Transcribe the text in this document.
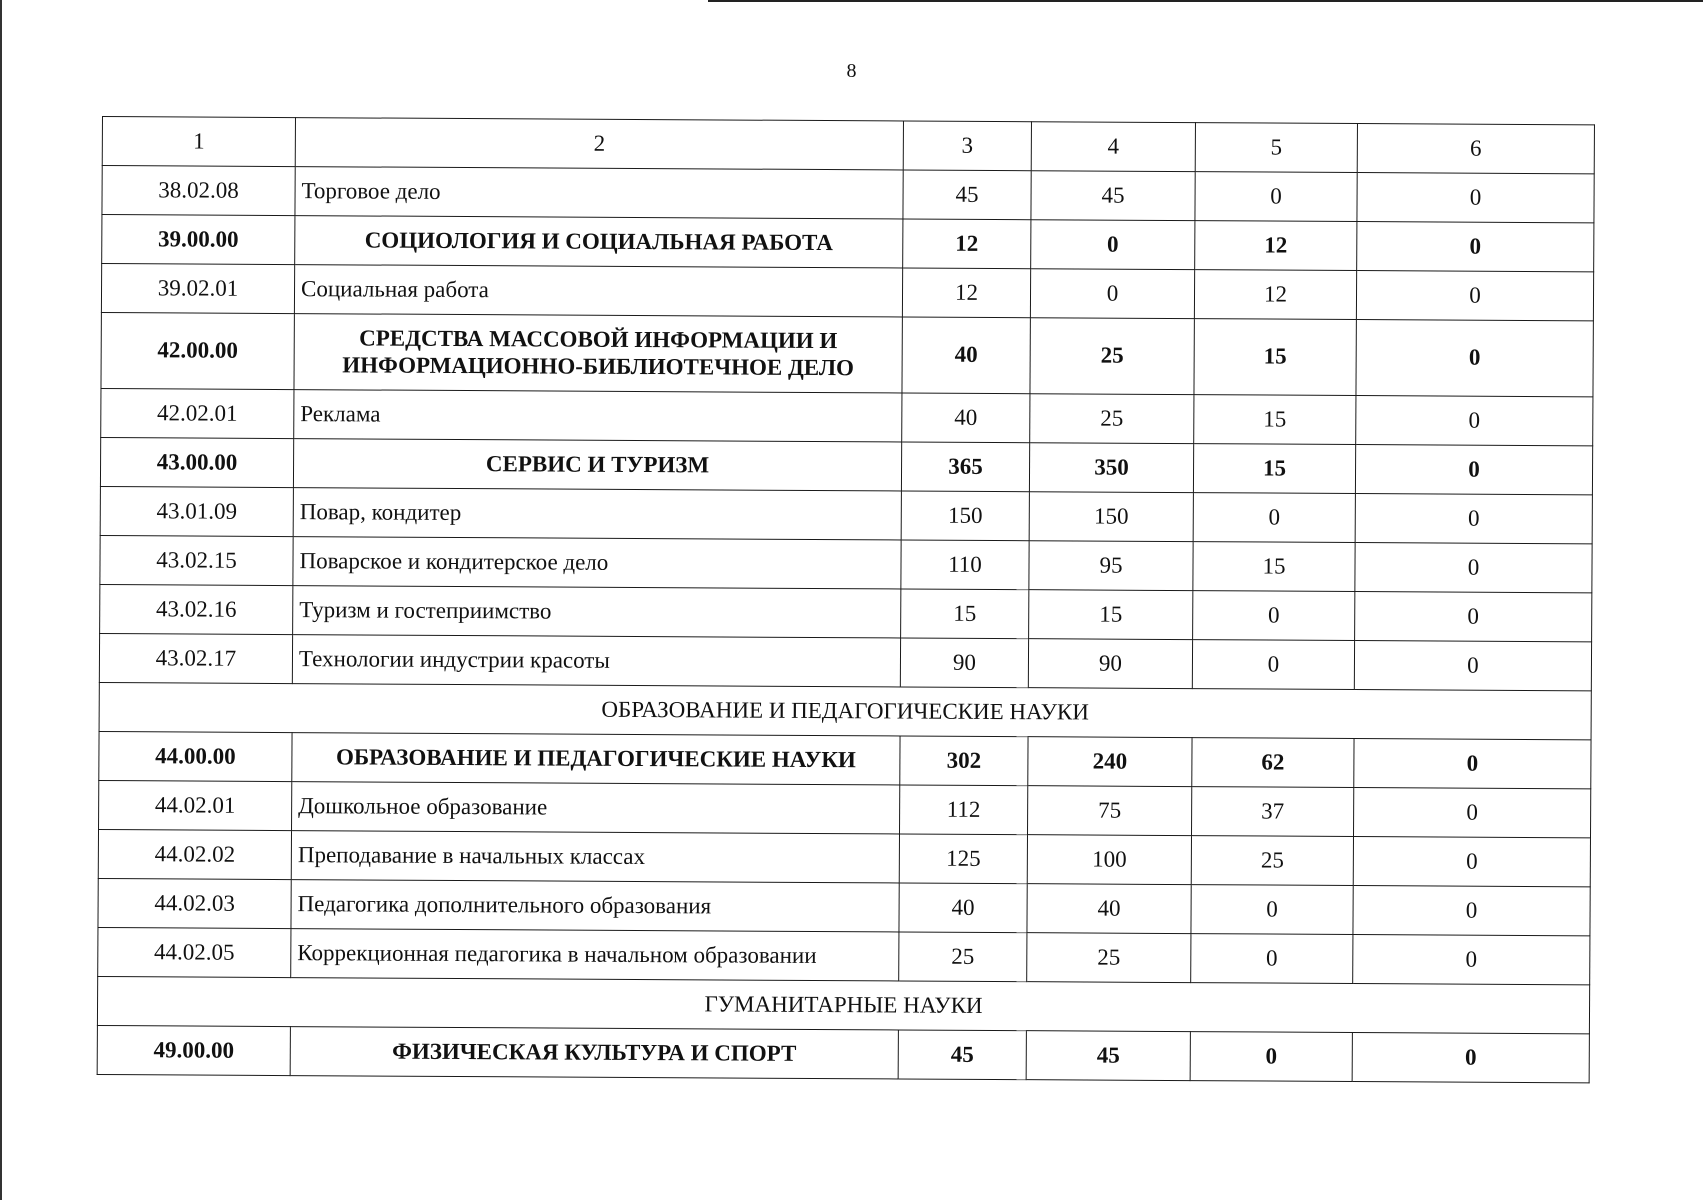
8
1	2	3	4	5	6
38.02.08	Торговое дело	45	45	0	0
39.00.00	СОЦИОЛОГИЯ И СОЦИАЛЬНАЯ РАБОТА	12	0	12	0
39.02.01	Социальная работа	12	0	12	0
42.00.00	СРЕДСТВА МАССОВОЙ ИНФОРМАЦИИ И ИНФОРМАЦИОННО-БИБЛИОТЕЧНОЕ ДЕЛО	40	25	15	0
42.02.01	Реклама	40	25	15	0
43.00.00	СЕРВИС И ТУРИЗМ	365	350	15	0
43.01.09	Повар, кондитер	150	150	0	0
43.02.15	Поварское и кондитерское дело	110	95	15	0
43.02.16	Туризм и гостеприимство	15	15	0	0
43.02.17	Технологии индустрии красоты	90	90	0	0
ОБРАЗОВАНИЕ И ПЕДАГОГИЧЕСКИЕ НАУКИ					
44.00.00	ОБРАЗОВАНИЕ И ПЕДАГОГИЧЕСКИЕ НАУКИ	302	240	62	0
44.02.01	Дошкольное образование	112	75	37	0
44.02.02	Преподавание в начальных классах	125	100	25	0
44.02.03	Педагогика дополнительного образования	40	40	0	0
44.02.05	Коррекционная педагогика в начальном образовании	25	25	0	0
ГУМАНИТАРНЫЕ НАУКИ					
49.00.00	ФИЗИЧЕСКАЯ КУЛЬТУРА И СПОРТ	45	45	0	0
